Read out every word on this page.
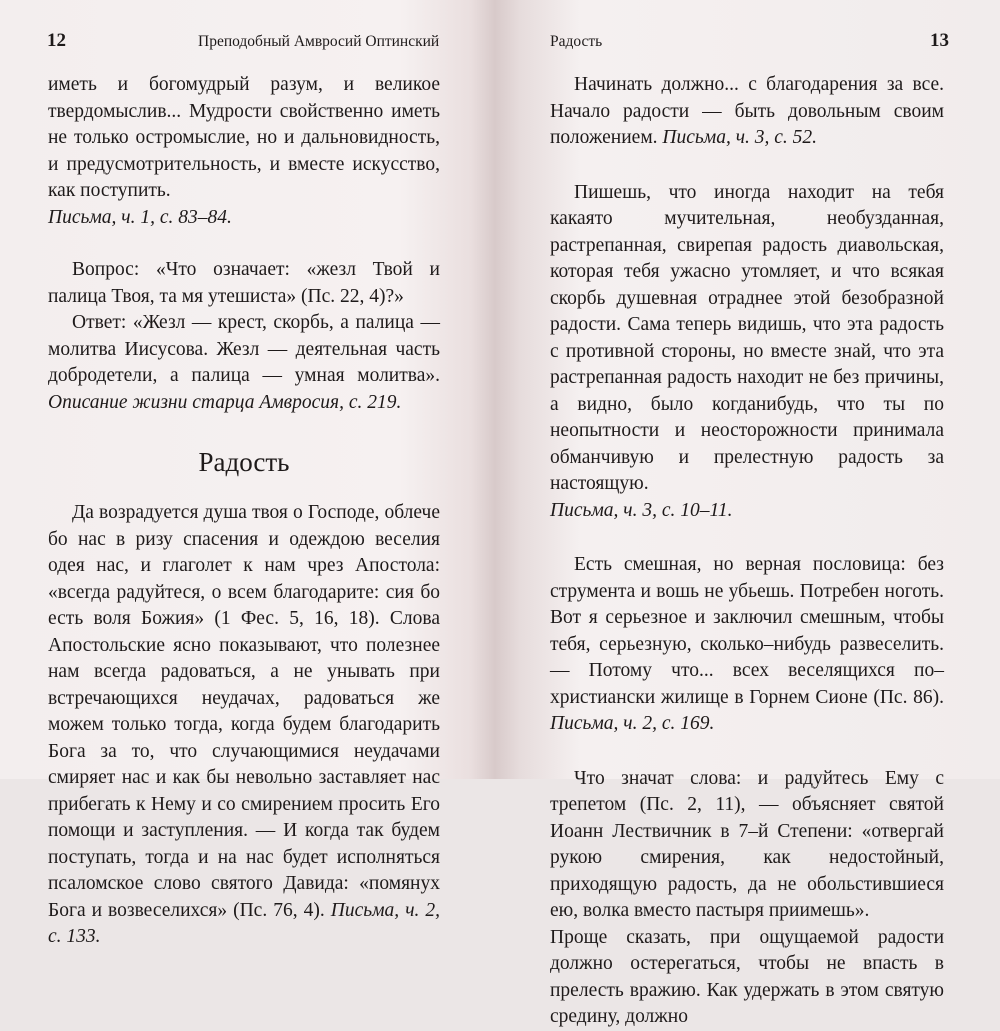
12	Преподобный Амвросий Оптинский

иметь и богомудрый разум, и великое твердомыслив... Мудрости свойственно иметь не только остромыслие, но и дальновидность, и предусмотрительность, и вместе искусство, как поступить.
Письма, ч. 1, с. 83–84.

Вопрос: «Что означает: «жезл Твой и палица Твоя, та мя утешиста» (Пс. 22, 4)?»

Ответ: «Жезл — крест, скорбь, а палица — молитва Иисусова. Жезл — деятельная часть добродетели, а палица — умная молитва». Описание жизни старца Амвросия, с. 219.

Радость

Да возрадуется душа твоя о Господе, облече бо нас в ризу спасения и одеждою веселия одея нас, и глаголет к нам чрез Апостола: «всегда радуйтеся, о всем благодарите: сия бо есть воля Божия» (1 Фес. 5, 16, 18). Слова Апостольские ясно показывают, что полезнее нам всегда радоваться, а не унывать при встречающихся неудачах, радоваться же можем только тогда, когда будем благодарить Бога за то, что случающимися неудачами смиряет нас и как бы невольно заставляет нас прибегать к Нему и со смирением просить Его помощи и заступления. — И когда так будем поступать, тогда и на нас будет исполняться псаломское слово святого Давида: «помянух Бога и возвеселихся» (Пс. 76, 4). Письма, ч. 2, с. 133.

Радость	13

Начинать должно... с благодарения за все. Начало радости — быть довольным своим положением. Письма, ч. 3, с. 52.

Пишешь, что иногда находит на тебя какаято мучительная, необузданная, растрепанная, свирепая радость диавольская, которая тебя ужасно утомляет, и что всякая скорбь душевная отраднее этой безобразной радости. Сама теперь видишь, что эта радость с противной стороны, но вместе знай, что эта растрепанная радость находит не без причины, а видно, было когданибудь, что ты по неопытности и неосторожности принимала обманчивую и прелестную радость за настоящую.
Письма, ч. 3, с. 10–11.

Есть смешная, но верная пословица: без струмента и вошь не убьешь. Потребен ноготь. Вот я серьезное и заключил смешным, чтобы тебя, серьезную, сколько–нибудь развеселить. — Потому что... всех веселящихся по–христиански жилище в Горнем Сионе (Пс. 86). Письма, ч. 2, с. 169.

Что значат слова: и радуйтесь Ему с трепетом (Пс. 2, 11), — объясняет святой Иоанн Лествичник в 7–й Степени: «отвергай рукою смирения, как недостойный, приходящую радость, да не обольстившиеся ею, волка вместо пастыря приимешь».

Проще сказать, при ощущаемой радости должно остерегаться, чтобы не впасть в прелесть вражию. Как удержать в этом святую средину, должно
